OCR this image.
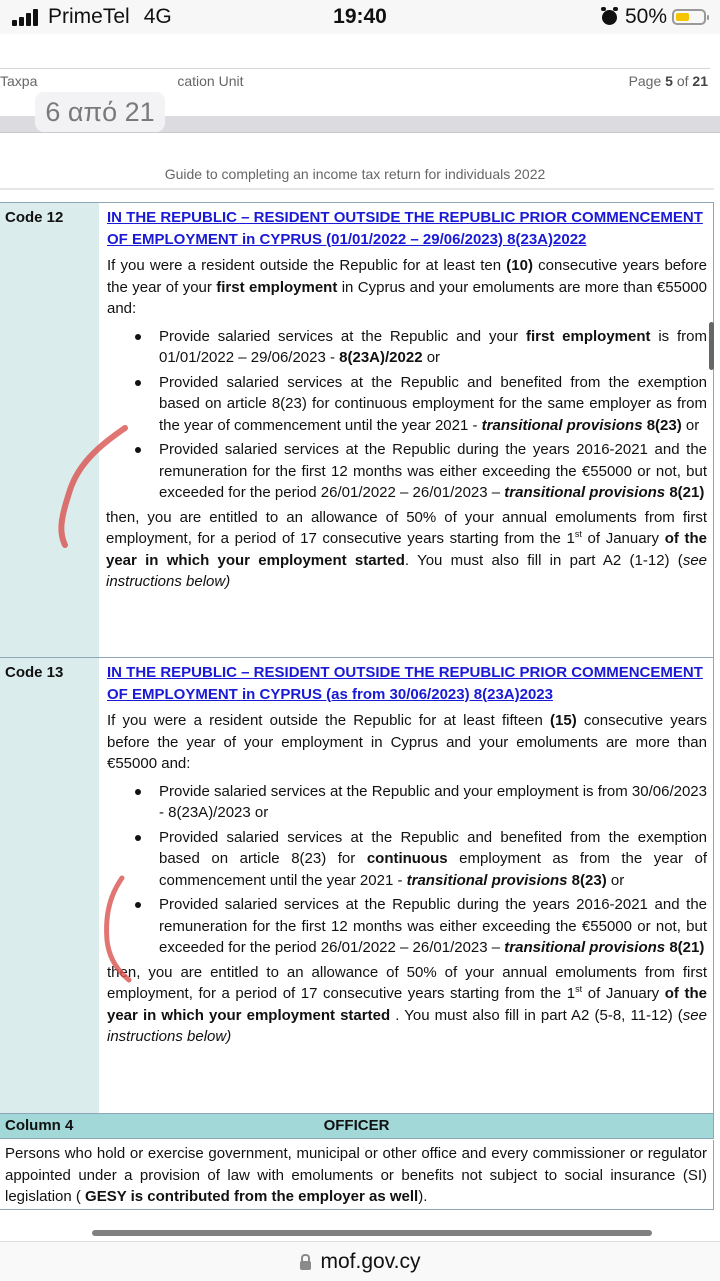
PrimeTel 4G	19:40	50%
Taxpa	cation Unit	Page 5 of 21
6 από 21
Guide to completing an income tax return for individuals 2022
Code 12	IN THE REPUBLIC – RESIDENT OUTSIDE THE REPUBLIC PRIOR COMMENCEMENT OF EMPLOYMENT in CYPRUS (01/01/2022 – 29/06/2023) 8(23A)2022

If you were a resident outside the Republic for at least ten (10) consecutive years before the year of your first employment in Cyprus and your emoluments are more than €55000 and:

Provide salaried services at the Republic and your first employment is from 01/01/2022 – 29/06/2023 - 8(23A)/2022 or
Provided salaried services at the Republic and benefited from the exemption based on article 8(23) for continuous employment for the same employer as from the year of commencement until the year 2021 - transitional provisions 8(23) or
Provided salaried services at the Republic during the years 2016-2021 and the remuneration for the first 12 months was either exceeding the €55000 or not, but exceeded for the period 26/01/2022 – 26/01/2023 – transitional provisions 8(21)

then, you are entitled to an allowance of 50% of your annual emoluments from first employment, for a period of 17 consecutive years starting from the 1st of January of the year in which your employment started. You must also fill in part A2 (1-12) (see instructions below)

Code 13	IN THE REPUBLIC – RESIDENT OUTSIDE THE REPUBLIC PRIOR COMMENCEMENT OF EMPLOYMENT in CYPRUS (as from 30/06/2023) 8(23A)2023

If you were a resident outside the Republic for at least fifteen (15) consecutive years before the year of your employment in Cyprus and your emoluments are more than €55000 and:

Provide salaried services at the Republic and your employment is from 30/06/2023 - 8(23A)/2023 or
Provided salaried services at the Republic and benefited from the exemption based on article 8(23) for continuous employment as from the year of commencement until the year 2021 - transitional provisions 8(23) or
Provided salaried services at the Republic during the years 2016-2021 and the remuneration for the first 12 months was either exceeding the €55000 or not, but exceeded for the period 26/01/2022 – 26/01/2023 – transitional provisions 8(21)

then, you are entitled to an allowance of 50% of your annual emoluments from first employment, for a period of 17 consecutive years starting from the 1st of January of the year in which your employment started . You must also fill in part A2 (5-8, 11-12) (see instructions below)

Column 4	OFFICER
Persons who hold or exercise government, municipal or other office and every commissioner or regulator appointed under a provision of law with emoluments or benefits not subject to social insurance (SI) legislation ( GESY is contributed from the employer as well).
mof.gov.cy
